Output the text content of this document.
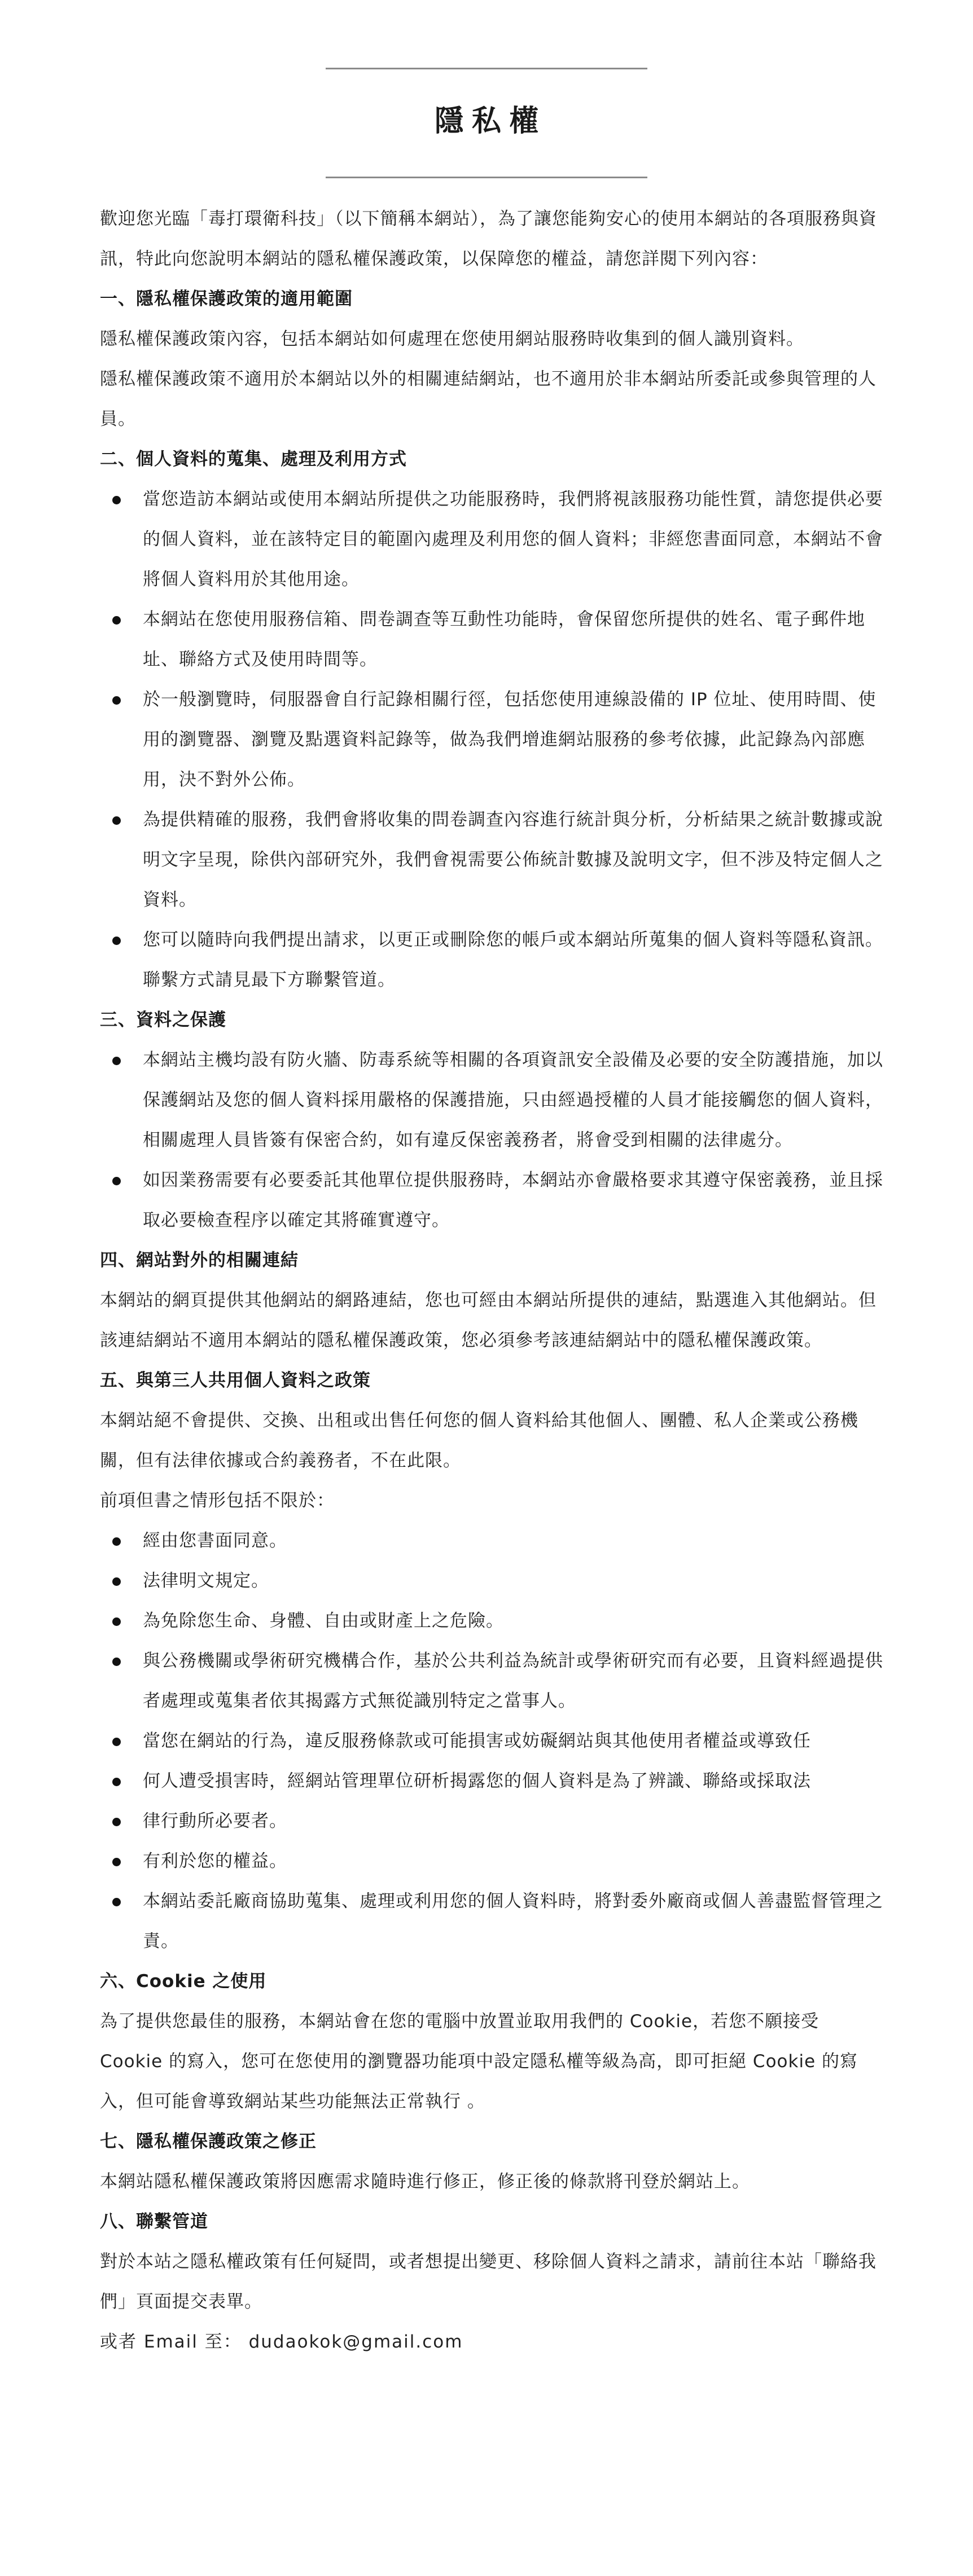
隱私權

歡迎您光臨「毒打環衛科技」（以下簡稱本網站），為了讓您能夠安心的使用本網站的各項服務與資訊，特此向您說明本網站的隱私權保護政策，以保障您的權益，請您詳閱下列內容：

一、隱私權保護政策的適用範圍

隱私權保護政策內容，包括本網站如何處理在您使用網站服務時收集到的個人識別資料。

隱私權保護政策不適用於本網站以外的相關連結網站，也不適用於非本網站所委託或參與管理的人員。

二、個人資料的蒐集、處理及利用方式
當您造訪本網站或使用本網站所提供之功能服務時，我們將視該服務功能性質，請您提供必要的個人資料，並在該特定目的範圍內處理及利用您的個人資料；非經您書面同意，本網站不會將個人資料用於其他用途。
本網站在您使用服務信箱、問卷調查等互動性功能時，會保留您所提供的姓名、電子郵件地址、聯絡方式及使用時間等。
於一般瀏覽時，伺服器會自行記錄相關行徑，包括您使用連線設備的 IP 位址、使用時間、使用的瀏覽器、瀏覽及點選資料記錄等，做為我們增進網站服務的參考依據，此記錄為內部應用，決不對外公佈。
為提供精確的服務，我們會將收集的問卷調查內容進行統計與分析，分析結果之統計數據或說明文字呈現，除供內部研究外，我們會視需要公佈統計數據及說明文字，但不涉及特定個人之資料。
您可以隨時向我們提出請求，以更正或刪除您的帳戶或本網站所蒐集的個人資料等隱私資訊。聯繫方式請見最下方聯繫管道。
三、資料之保護
本網站主機均設有防火牆、防毒系統等相關的各項資訊安全設備及必要的安全防護措施，加以保護網站及您的個人資料採用嚴格的保護措施，只由經過授權的人員才能接觸您的個人資料，相關處理人員皆簽有保密合約，如有違反保密義務者，將會受到相關的法律處分。
如因業務需要有必要委託其他單位提供服務時，本網站亦會嚴格要求其遵守保密義務，並且採取必要檢查程序以確定其將確實遵守。
四、網站對外的相關連結

本網站的網頁提供其他網站的網路連結，您也可經由本網站所提供的連結，點選進入其他網站。但該連結網站不適用本網站的隱私權保護政策，您必須參考該連結網站中的隱私權保護政策。

五、與第三人共用個人資料之政策

本網站絕不會提供、交換、出租或出售任何您的個人資料給其他個人、團體、私人企業或公務機關，但有法律依據或合約義務者，不在此限。

前項但書之情形包括不限於：

經由您書面同意。
法律明文規定。
為免除您生命、身體、自由或財產上之危險。
與公務機關或學術研究機構合作，基於公共利益為統計或學術研究而有必要，且資料經過提供者處理或蒐集者依其揭露方式無從識別特定之當事人。
當您在網站的行為，違反服務條款或可能損害或妨礙網站與其他使用者權益或導致任
何人遭受損害時，經網站管理單位研析揭露您的個人資料是為了辨識、聯絡或採取法
律行動所必要者。
有利於您的權益。
本網站委託廠商協助蒐集、處理或利用您的個人資料時，將對委外廠商或個人善盡監督管理之責。
六、Cookie 之使用

為了提供您最佳的服務，本網站會在您的電腦中放置並取用我們的 Cookie，若您不願接受 Cookie 的寫入，您可在您使用的瀏覽器功能項中設定隱私權等級為高，即可拒絕 Cookie 的寫入，但可能會導致網站某些功能無法正常執行 。

七、隱私權保護政策之修正

本網站隱私權保護政策將因應需求隨時進行修正，修正後的條款將刊登於網站上。

八、聯繫管道

對於本站之隱私權政策有任何疑問，或者想提出變更、移除個人資料之請求，請前往本站「聯絡我們」頁面提交表單。

或者 Email 至： dudaokok@gmail.com
